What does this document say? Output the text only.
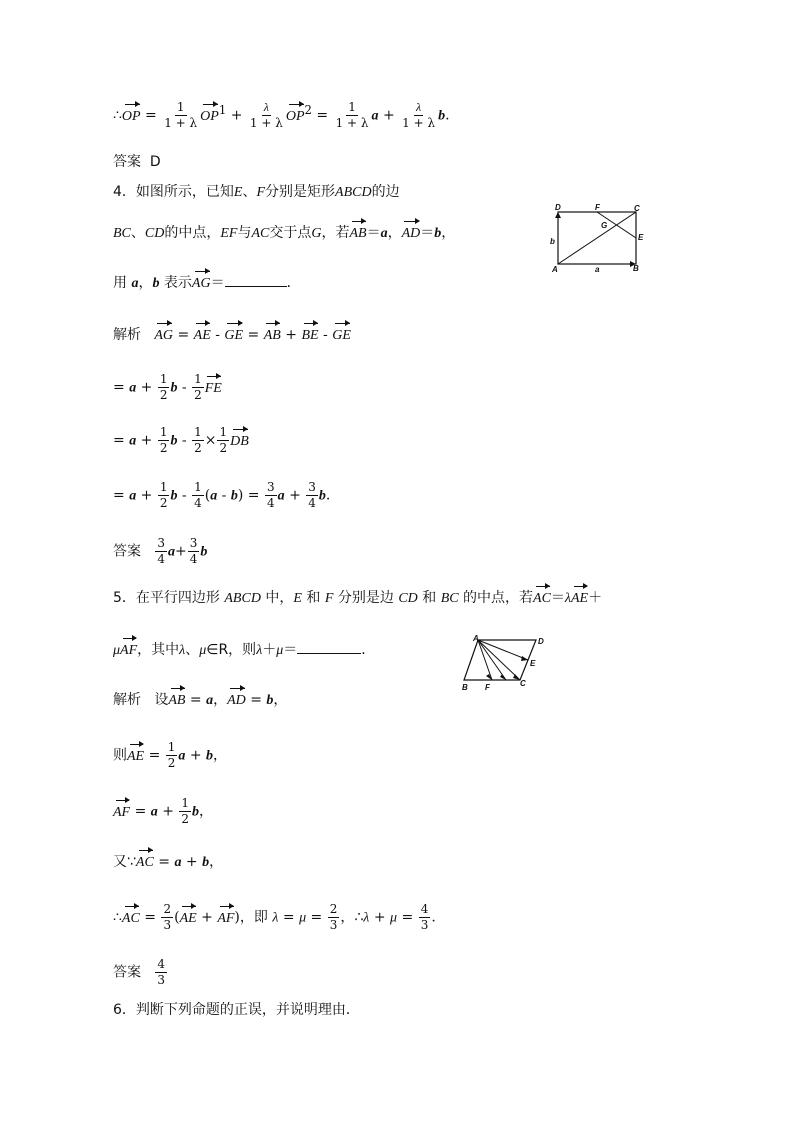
∴OP = $\frac{1}{1 + \lambda} OP^1 + \frac{\lambda}{1 + \lambda} OP^2 = \frac{1}{1 + \lambda}$ $a + \frac{\lambda}{1 + \lambda} b$.
答案 D
4．如图所示，已知E、F分别是矩形ABCD的边
BC、CD的中点，EF与AC交于点G，若AB＝a，AD＝b，
用 a，b 表示AG＝	．
D	F	C
G
E
b
A	a	B
解析 AG = AE - GE = AB + BE - GE
= $a + \frac{1}{2}$ b - $\frac{1}{2}$ FE
= $a + \frac{1}{2}$ $b - \frac{1}{2} \times \frac{1}{2}$ DB
= $a + \frac{1}{2}$ $b - \frac{1}{4} (a - b) = \frac{3}{4}$ $a + \frac{3}{4} b$.
答案 $\frac{3}{4} a+ \frac{3}{4}$ b
5．在平行四边形 ABCD 中，E 和 F 分别是边 CD 和 BC 的中点，若AC＝λAE＋
μAF，其中λ、μ∈R，则λ＋μ＝	．
A	D
E
B F	C
解析 设AB = a，AD = b，
则AE = $\frac{1}{2}$ a + b，
AF = $a + \frac{1}{2}$ b，
又∵AC = a + b，
∴AC = $\frac{2}{3} (AE + AF)$，即 $\lambda = \mu = \frac{2}{3}$ ，∴λ + $\mu = \frac{4}{3}$ .
答案 $\frac{4}{3}$
6．判断下列命题的正误，并说明理由．
